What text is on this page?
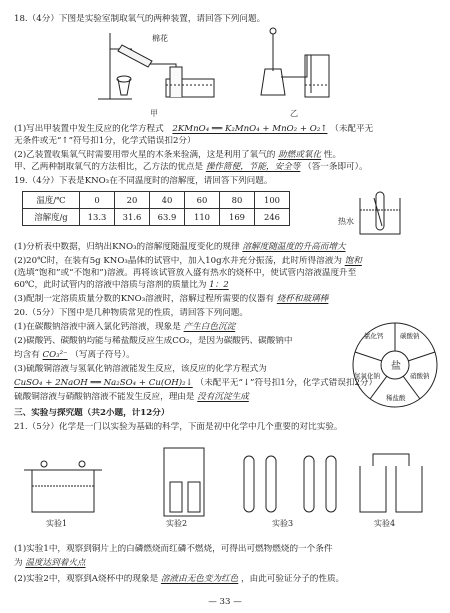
18.（4分）下图是实验室制取氧气的两种装置，请回答下列问题。
棉花
甲	乙
(1)写出甲装置中发生反应的化学方程式 2KMnO₄ ══ K₂MnO₄ + MnO₂ + O₂↑ （未配平无
无条件或无“↑”符号扣1分，化学式错误扣2分）
(2)乙装置收集氧气时需要用带火星的木条来验满，这是利用了氧气的 助燃或氧化 性。
甲、乙两种制取氧气的方法相比，乙方法的优点是 操作简便，节能，安全等 （答一条即可）。
19.（4分）下表是KNO₃在不同温度时的溶解度，请回答下列问题。
温度/℃	0	20	40	60	80	100
溶解度/g	13.3	31.6	63.9	110	169	246	热水
(1)分析表中数据，归纳出KNO₃的溶解度随温度变化的规律 溶解度随温度的升高而增大
(2)20℃时，在装有5g KNO₃晶体的试管中，加入10g水并充分振荡，此时所得溶液为 饱和
(选填“饱和”或“不饱和”)溶液。再将该试管放入盛有热水的烧杯中，使试管内溶液温度升至
60℃，此时试管内的溶液中溶质与溶剂的质量比为 1：2
(3)配制一定溶质质量分数的KNO₃溶液时，溶解过程所需要的仪器有 烧杯和玻璃棒
20.（5分）下图中是几种物质常见的性质，请回答下列问题。
盐
碳酸钠
硝酸钠
稀盐酸
氢氧化钠
氯化钙
(1)在碳酸钠溶液中滴入氯化钙溶液，现象是 产生白色沉淀
(2)碳酸钙、碳酸钠均能与稀盐酸反应生成CO₂，是因为碳酸钙、碳酸钠中
均含有 CO₃²⁻ （写离子符号）。
(3)硫酸铜溶液与氢氧化钠溶液能发生反应，该反应的化学方程式为
CuSO₄ + 2NaOH ══ Na₂SO₄ + Cu(OH)₂↓ （未配平无“↓”符号扣1分，化学式错误扣2分）
硫酸铜溶液与硝酸钠溶液不能发生反应，理由是 没有沉淀生成
三、实验与探究题（共2小题，计12分）
21.（5分）化学是一门以实验为基础的科学，下面是初中化学中几个重要的对比实验。
实验1	实验2	实验3	实验4
(1)实验1中，观察到铜片上的白磷燃烧而红磷不燃烧，可得出可燃物燃烧的一个条件
为 温度达到着火点
(2)实验2中，观察到A烧杯中的现象是 溶液由无色变为红色 ，由此可验证分子的性质。
— 33 —
